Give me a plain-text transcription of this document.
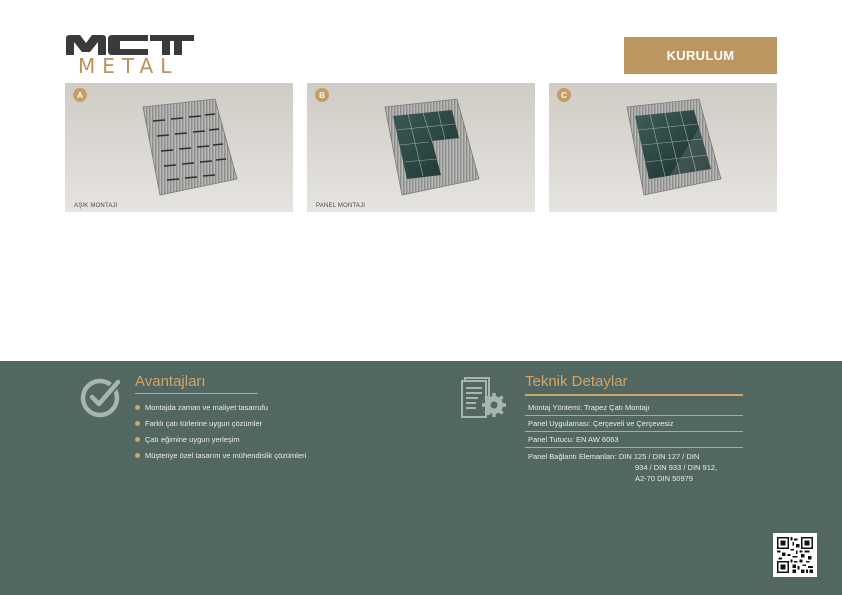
METAL	KURULUM
A
AŞIK MONTAJI
B
PANEL MONTAJI
C
Avantajları
Montajda zaman ve maliyet tasarrufu
Farklı çatı türlerine uygun çözümler
Çatı eğimine uygun yerleşim
Müşteriye özel tasarım ve mühendislik çözümleri
Teknik Detaylar
Montaj Yöntemi: Trapez Çatı Montajı
Panel Uygulaması: Çerçeveli ve Çerçevesiz
Panel Tutucu: EN AW 6063
Panel Bağlantı Elemanları: DIN 125 / DIN 127 / DIN
934 / DIN 933 / DIN 912,
A2-70 DIN 50979
